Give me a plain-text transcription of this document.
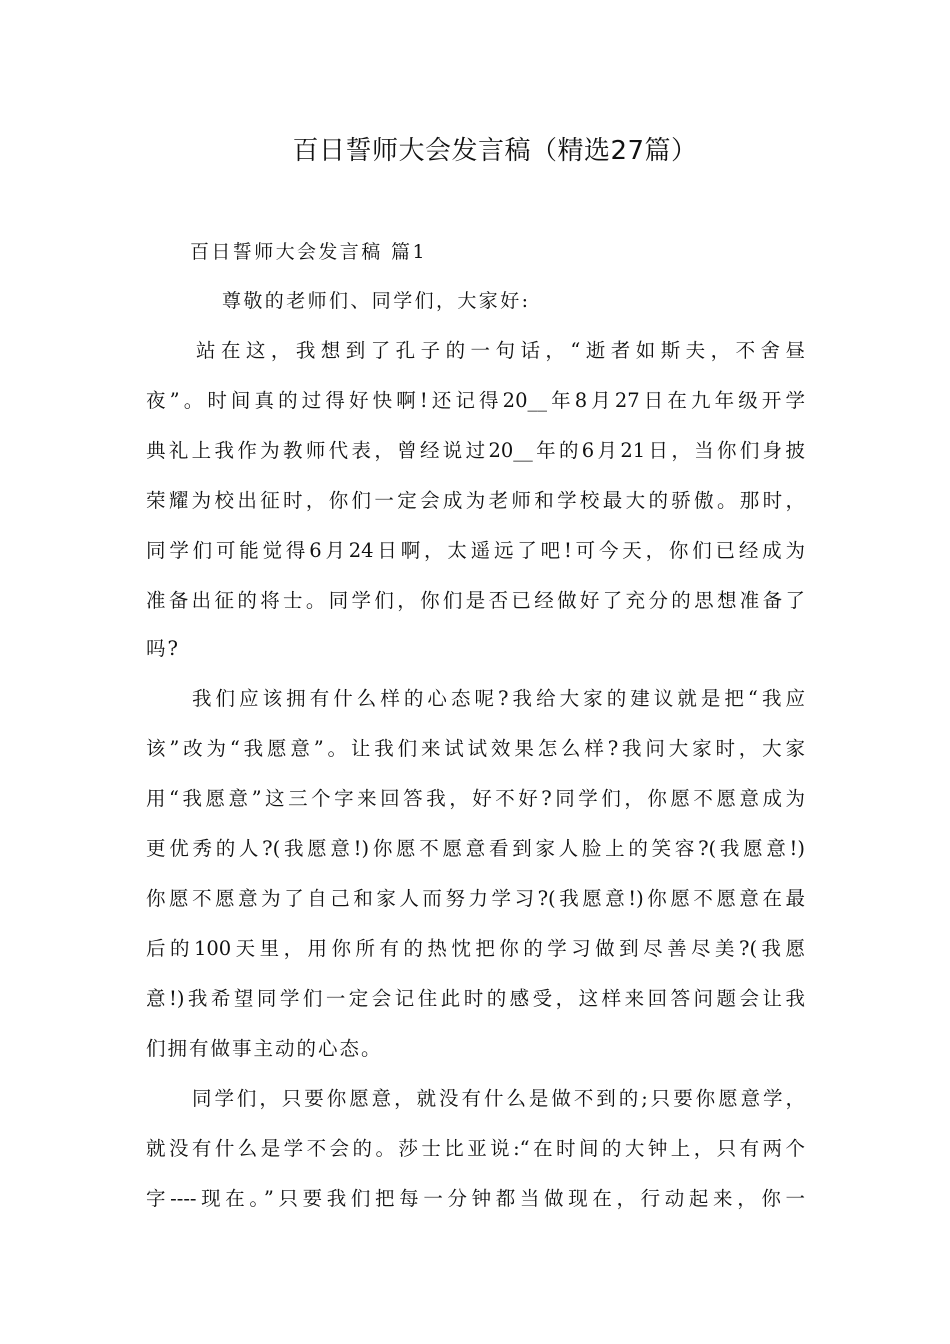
百日誓师大会发言稿（精选27篇）
百日誓师大会发言稿 篇1
尊敬的老师们、同学们，大家好:
站在这，我想到了孔子的一句话，“逝者如斯夫，不舍昼
夜”。时间真的过得好快啊!还记得20__年8月27日在九年级开学
典礼上我作为教师代表，曾经说过20__年的6月21日，当你们身披
荣耀为校出征时，你们一定会成为老师和学校最大的骄傲。那时，
同学们可能觉得6月24日啊，太遥远了吧!可今天，你们已经成为
准备出征的将士。同学们，你们是否已经做好了充分的思想准备了
吗?
我们应该拥有什么样的心态呢?我给大家的建议就是把“我应
该”改为“我愿意”。让我们来试试效果怎么样?我问大家时，大家
用“我愿意”这三个字来回答我，好不好?同学们，你愿不愿意成为
更优秀的人?(我愿意!)你愿不愿意看到家人脸上的笑容?(我愿意!)
你愿不愿意为了自己和家人而努力学习?(我愿意!)你愿不愿意在最
后的100天里，用你所有的热忱把你的学习做到尽善尽美?(我愿
意!)我希望同学们一定会记住此时的感受，这样来回答问题会让我
们拥有做事主动的心态。
同学们，只要你愿意，就没有什么是做不到的;只要你愿意学，
就没有什么是学不会的。莎士比亚说:“在时间的大钟上，只有两个
字----现在。”只要我们把每一分钟都当做现在，行动起来，你一
